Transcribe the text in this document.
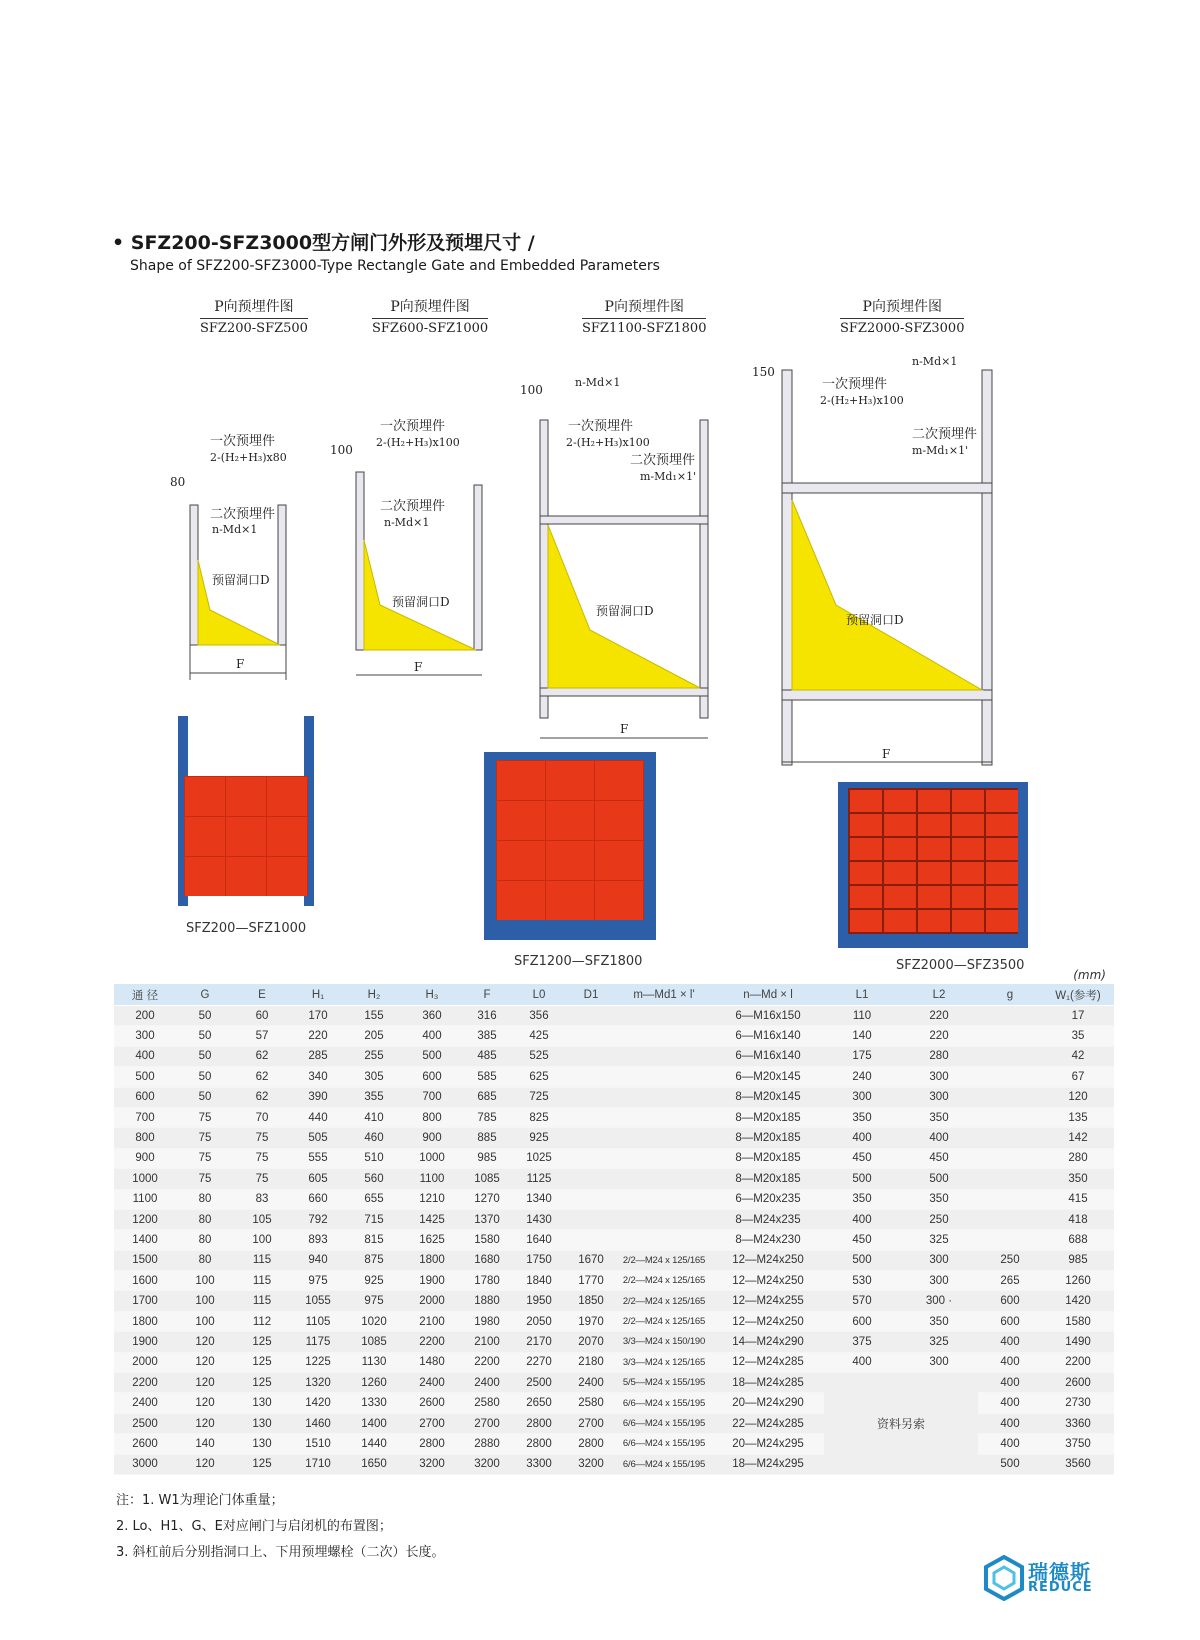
• SFZ200-SFZ3000型方闸门外形及预埋尺寸 /
Shape of SFZ200-SFZ3000-Type Rectangle Gate and Embedded Parameters
P向预埋件图
SFZ200-SFZ500
P向预埋件图
SFZ600-SFZ1000
P向预埋件图
SFZ1100-SFZ1800
P向预埋件图
SFZ2000-SFZ3000
一次预埋件
2-(H₂+H₃)x80
二次预埋件
n-Md×1
预留洞口D
F
80
一次预埋件
2-(H₂+H₃)x100
二次预埋件
n-Md×1
预留洞口D
F
100
n-Md×1
一次预埋件
2-(H₂+H₃)x100
二次预埋件
m-Md₁×1'
预留洞口D
F
100
n-Md×1
一次预埋件
2-(H₂+H₃)x100
二次预埋件
m-Md₁×1'
预留洞口D
F
150
SFZ200—SFZ1000
SFZ1200—SFZ1800	SFZ2000—SFZ3500
(mm)
通 径	G	E	H₁	H₂	H₃	F	L0	D1	m—Md1 × l'	n—Md × l	L1	L2	g	W₁(参考)
200	50	60	170	155	360	316	356			6—M16x150	110	220		17
300	50	57	220	205	400	385	425			6—M16x140	140	220		35
400	50	62	285	255	500	485	525			6—M16x140	175	280		42
500	50	62	340	305	600	585	625			6—M20x145	240	300		67
600	50	62	390	355	700	685	725			8—M20x145	300	300		120
700	75	70	440	410	800	785	825			8—M20x185	350	350		135
800	75	75	505	460	900	885	925			8—M20x185	400	400		142
900	75	75	555	510	1000	985	1025			8—M20x185	450	450		280
1000	75	75	605	560	1100	1085	1125			8—M20x185	500	500		350
1100	80	83	660	655	1210	1270	1340			6—M20x235	350	350		415
1200	80	105	792	715	1425	1370	1430			8—M24x235	400	250		418
1400	80	100	893	815	1625	1580	1640			8—M24x230	450	325		688
1500	80	115	940	875	1800	1680	1750	1670	2/2—M24 x 125/165	12—M24x250	500	300	250	985
1600	100	115	975	925	1900	1780	1840	1770	2/2—M24 x 125/165	12—M24x250	530	300	265	1260
1700	100	115	1055	975	2000	1880	1950	1850	2/2—M24 x 125/165	12—M24x255	570	300 ·	600	1420
1800	100	112	1105	1020	2100	1980	2050	1970	2/2—M24 x 125/165	12—M24x250	600	350	600	1580
1900	120	125	1175	1085	2200	2100	2170	2070	3/3—M24 x 150/190	14—M24x290	375	325	400	1490
2000	120	125	1225	1130	1480	2200	2270	2180	3/3—M24 x 125/165	12—M24x285	400	300	400	2200
2200	120	125	1320	1260	2400	2400	2500	2400	5/5—M24 x 155/195	18—M24x285	资料另索		400	2600
2400	120	130	1420	1330	2600	2580	2650	2580	6/6—M24 x 155/195	20—M24x290			400	2730
2500	120	130	1460	1400	2700	2700	2800	2700	6/6—M24 x 155/195	22—M24x285			400	3360
2600	140	130	1510	1440	2800	2880	2800	2800	6/6—M24 x 155/195	20—M24x295			400	3750
3000	120	125	1710	1650	3200	3200	3300	3200	6/6—M24 x 155/195	18—M24x295			500	3560
注：1. W1为理论门体重量；
2. Lo、H1、G、E对应闸门与启闭机的布置图；
3. 斜杠前后分别指洞口上、下用预埋螺栓（二次）长度。
瑞德斯
REDUCE
